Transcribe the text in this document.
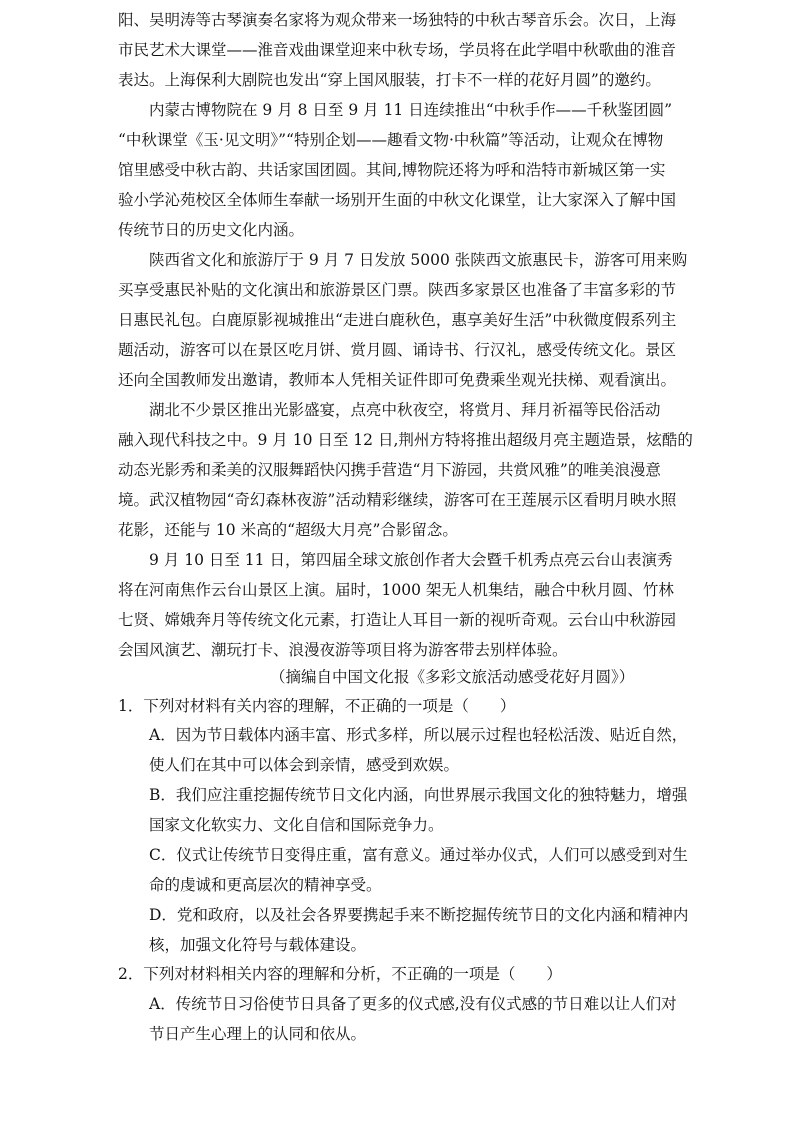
阳、吴明涛等古琴演奏名家将为观众带来一场独特的中秋古琴音乐会。次日，上海
市民艺术大课堂——淮音戏曲课堂迎来中秋专场，学员将在此学唱中秋歌曲的淮音
表达。上海保利大剧院也发出“穿上国风服装，打卡不一样的花好月圆”的邀约。
内蒙古博物院在 9 月 8 日至 9 月 11 日连续推出“中秋手作——千秋鉴团圆”
“中秋课堂《玉·见文明》”“特别企划——趣看文物·中秋篇”等活动，让观众在博物
馆里感受中秋古韵、共话家国团圆。其间,博物院还将为呼和浩特市新城区第一实
验小学沁苑校区全体师生奉献一场别开生面的中秋文化课堂，让大家深入了解中国
传统节日的历史文化内涵。
陕西省文化和旅游厅于 9 月 7 日发放 5000 张陕西文旅惠民卡，游客可用来购
买享受惠民补贴的文化演出和旅游景区门票。陕西多家景区也准备了丰富多彩的节
日惠民礼包。白鹿原影视城推出“走进白鹿秋色，惠享美好生活”中秋微度假系列主
题活动，游客可以在景区吃月饼、赏月圆、诵诗书、行汉礼，感受传统文化。景区
还向全国教师发出邀请，教师本人凭相关证件即可免费乘坐观光扶梯、观看演出。
湖北不少景区推出光影盛宴，点亮中秋夜空，将赏月、拜月祈福等民俗活动
融入现代科技之中。9 月 10 日至 12 日,荆州方特将推出超级月亮主题造景，炫酷的
动态光影秀和柔美的汉服舞蹈快闪携手营造“月下游园，共赏风雅”的唯美浪漫意
境。武汉植物园“奇幻森林夜游”活动精彩继续，游客可在王莲展示区看明月映水照
花影，还能与 10 米高的“超级大月亮”合影留念。
9 月 10 日至 11 日，第四届全球文旅创作者大会暨千机秀点亮云台山表演秀
将在河南焦作云台山景区上演。届时，1000 架无人机集结，融合中秋月圆、竹林
七贤、嫦娥奔月等传统文化元素，打造让人耳目一新的视听奇观。云台山中秋游园
会国风演艺、潮玩打卡、浪漫夜游等项目将为游客带去别样体验。
（摘编自中国文化报《多彩文旅活动感受花好月圆》）
1．下列对材料有关内容的理解，不正确的一项是（　　）
A．因为节日载体内涵丰富、形式多样，所以展示过程也轻松活泼、贴近自然，
使人们在其中可以体会到亲情，感受到欢娱。
B．我们应注重挖掘传统节日文化内涵，向世界展示我国文化的独特魅力，增强
国家文化软实力、文化自信和国际竞争力。
C．仪式让传统节日变得庄重，富有意义。通过举办仪式，人们可以感受到对生
命的虔诚和更高层次的精神享受。
D．党和政府，以及社会各界要携起手来不断挖掘传统节日的文化内涵和精神内
核，加强文化符号与载体建设。
2．下列对材料相关内容的理解和分析，不正确的一项是（　　）
A．传统节日习俗使节日具备了更多的仪式感,没有仪式感的节日难以让人们对
节日产生心理上的认同和依从。
